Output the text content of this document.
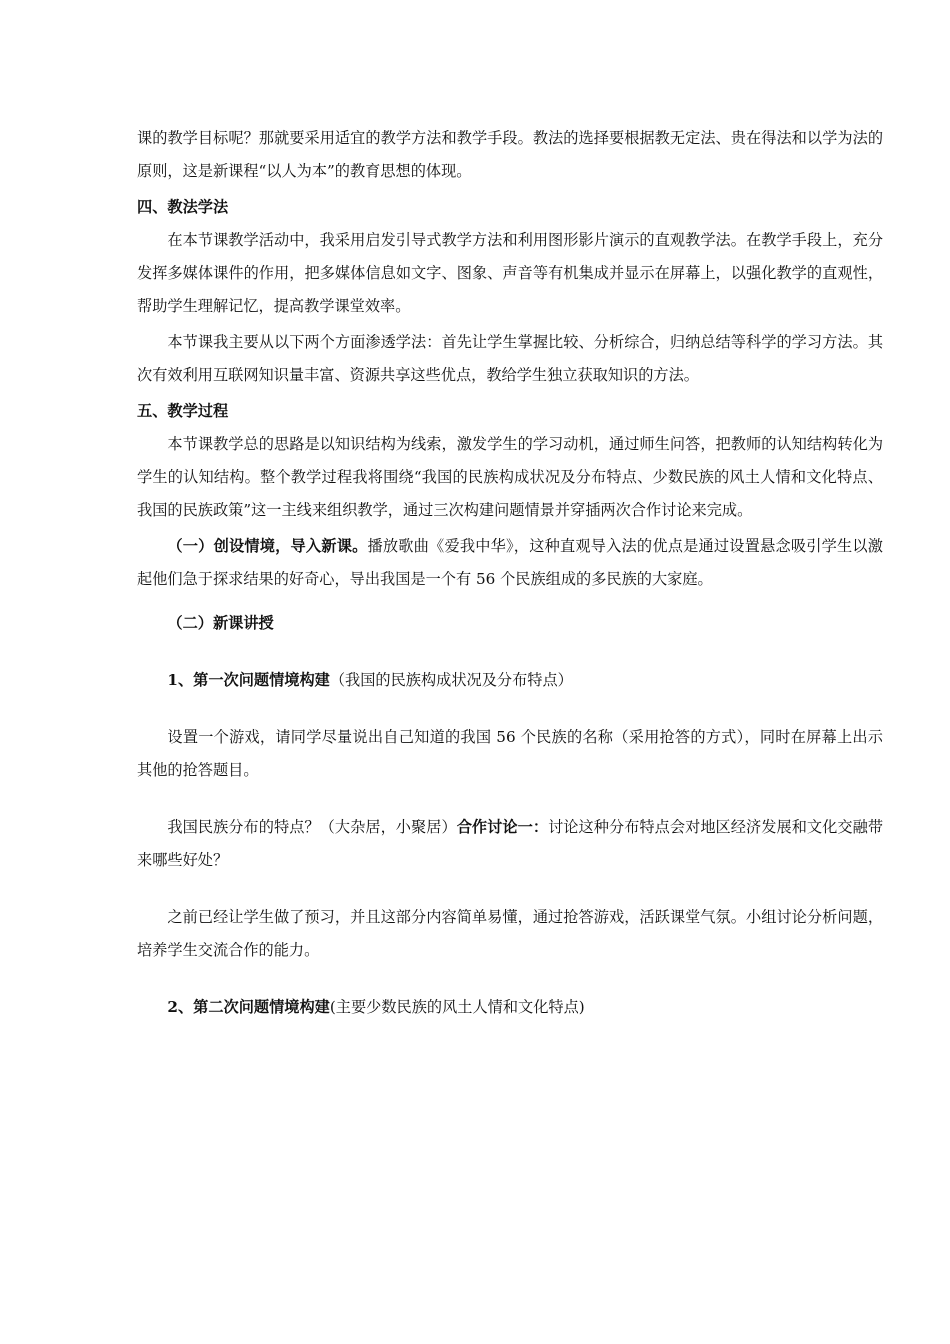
课的教学目标呢？那就要采用适宜的教学方法和教学手段。教法的选择要根据教无定法、贵在得法和以学为法的原则，这是新课程“以人为本”的教育思想的体现。

四、教法学法

在本节课教学活动中，我采用启发引导式教学方法和利用图形影片演示的直观教学法。在教学手段上，充分发挥多媒体课件的作用，把多媒体信息如文字、图象、声音等有机集成并显示在屏幕上，以强化教学的直观性，帮助学生理解记忆，提高教学课堂效率。

本节课我主要从以下两个方面渗透学法：首先让学生掌握比较、分析综合，归纳总结等科学的学习方法。其次有效利用互联网知识量丰富、资源共享这些优点，教给学生独立获取知识的方法。

五、教学过程

本节课教学总的思路是以知识结构为线索，激发学生的学习动机，通过师生问答，把教师的认知结构转化为学生的认知结构。整个教学过程我将围绕“我国的民族构成状况及分布特点、少数民族的风土人情和文化特点、我国的民族政策”这一主线来组织教学，通过三次构建问题情景并穿插两次合作讨论来完成。

（一）创设情境，导入新课。播放歌曲《爱我中华》，这种直观导入法的优点是通过设置悬念吸引学生以激起他们急于探求结果的好奇心，导出我国是一个有 56 个民族组成的多民族的大家庭。

（二）新课讲授

1、第一次问题情境构建（我国的民族构成状况及分布特点）

设置一个游戏，请同学尽量说出自己知道的我国 56 个民族的名称（采用抢答的方式），同时在屏幕上出示其他的抢答题目。

我国民族分布的特点？（大杂居，小聚居）合作讨论一：讨论这种分布特点会对地区经济发展和文化交融带来哪些好处？

之前已经让学生做了预习，并且这部分内容简单易懂，通过抢答游戏，活跃课堂气氛。小组讨论分析问题，培养学生交流合作的能力。

2、第二次问题情境构建(主要少数民族的风土人情和文化特点)
